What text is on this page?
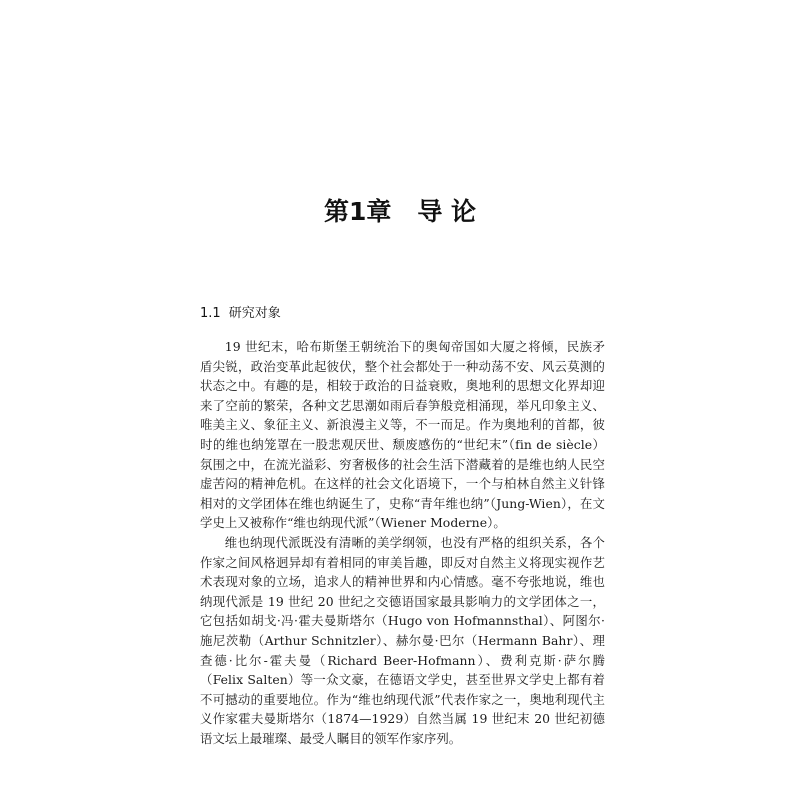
第1章 导 论
1.1 研究对象

19 世纪末，哈布斯堡王朝统治下的奥匈帝国如大厦之将倾，民族矛盾尖锐，政治变革此起彼伏，整个社会都处于一种动荡不安、风云莫测的状态之中。有趣的是，相较于政治的日益衰败，奥地利的思想文化界却迎来了空前的繁荣，各种文艺思潮如雨后春笋般竞相涌现，举凡印象主义、唯美主义、象征主义、新浪漫主义等，不一而足。作为奥地利的首都，彼时的维也纳笼罩在一股悲观厌世、颓废感伤的“世纪末”（fin de siècle）氛围之中，在流光溢彩、穷奢极侈的社会生活下潜藏着的是维也纳人民空虚苦闷的精神危机。在这样的社会文化语境下，一个与柏林自然主义针锋相对的文学团体在维也纳诞生了，史称“青年维也纳”（Jung-Wien），在文学史上又被称作“维也纳现代派”（Wiener Moderne）。

维也纳现代派既没有清晰的美学纲领，也没有严格的组织关系，各个作家之间风格迥异却有着相同的审美旨趣，即反对自然主义将现实视作艺术表现对象的立场，追求人的精神世界和内心情感。毫不夸张地说，维也纳现代派是 19 世纪 20 世纪之交德语国家最具影响力的文学团体之一，它包括如胡戈·冯·霍夫曼斯塔尔（Hugo von Hofmannsthal）、阿图尔·施尼茨勒（Arthur Schnitzler）、赫尔曼·巴尔（Hermann Bahr）、理查德·比尔-霍夫曼（Richard Beer-Hofmann）、费利克斯·萨尔腾（Felix Salten）等一众文豪，在德语文学史，甚至世界文学史上都有着不可撼动的重要地位。作为“维也纳现代派”代表作家之一，奥地利现代主义作家霍夫曼斯塔尔（1874—1929）自然当属 19 世纪末 20 世纪初德语文坛上最璀璨、最受人瞩目的领军作家序列。
